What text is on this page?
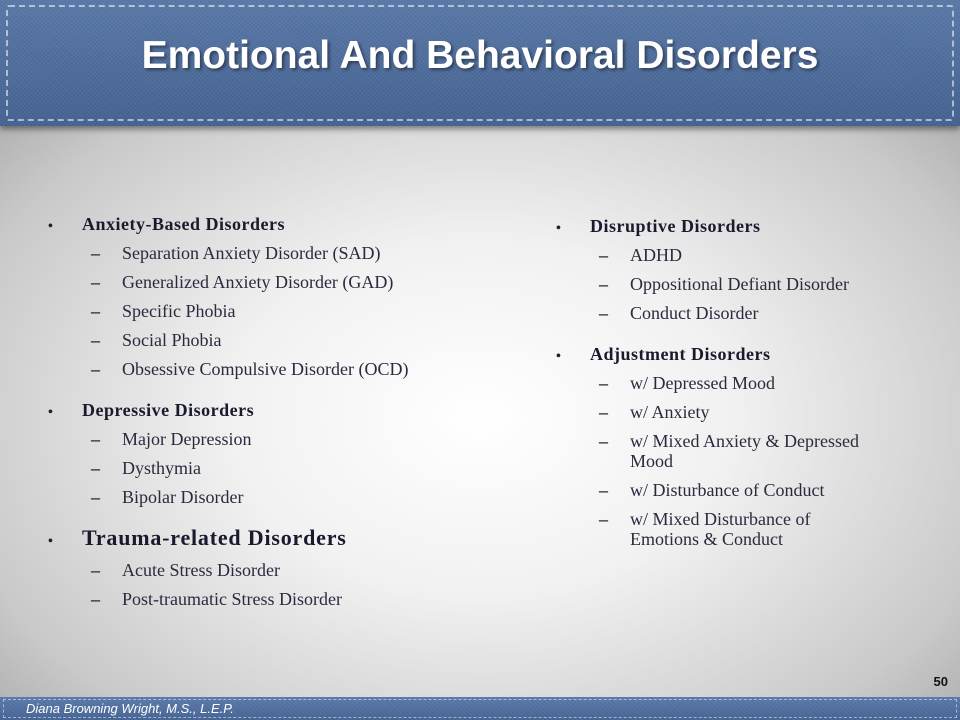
Emotional And Behavioral Disorders
•	Anxiety-Based Disorders
– Separation Anxiety Disorder (SAD)
– Generalized Anxiety Disorder (GAD)
– Specific Phobia
– Social Phobia
– Obsessive Compulsive Disorder (OCD)
•	Depressive Disorders
– Major Depression
– Dysthymia
– Bipolar Disorder
•	Trauma-related Disorders
– Acute Stress Disorder
– Post-traumatic Stress Disorder
•	Disruptive Disorders
– ADHD
– Oppositional Defiant Disorder
– Conduct Disorder
•	Adjustment Disorders
– w/ Depressed Mood
– w/ Anxiety
– w/ Mixed Anxiety & Depressed
Mood
– w/ Disturbance of Conduct
– w/ Mixed Disturbance of
Emotions & Conduct
50
Diana Browning Wright, M.S., L.E.P.
